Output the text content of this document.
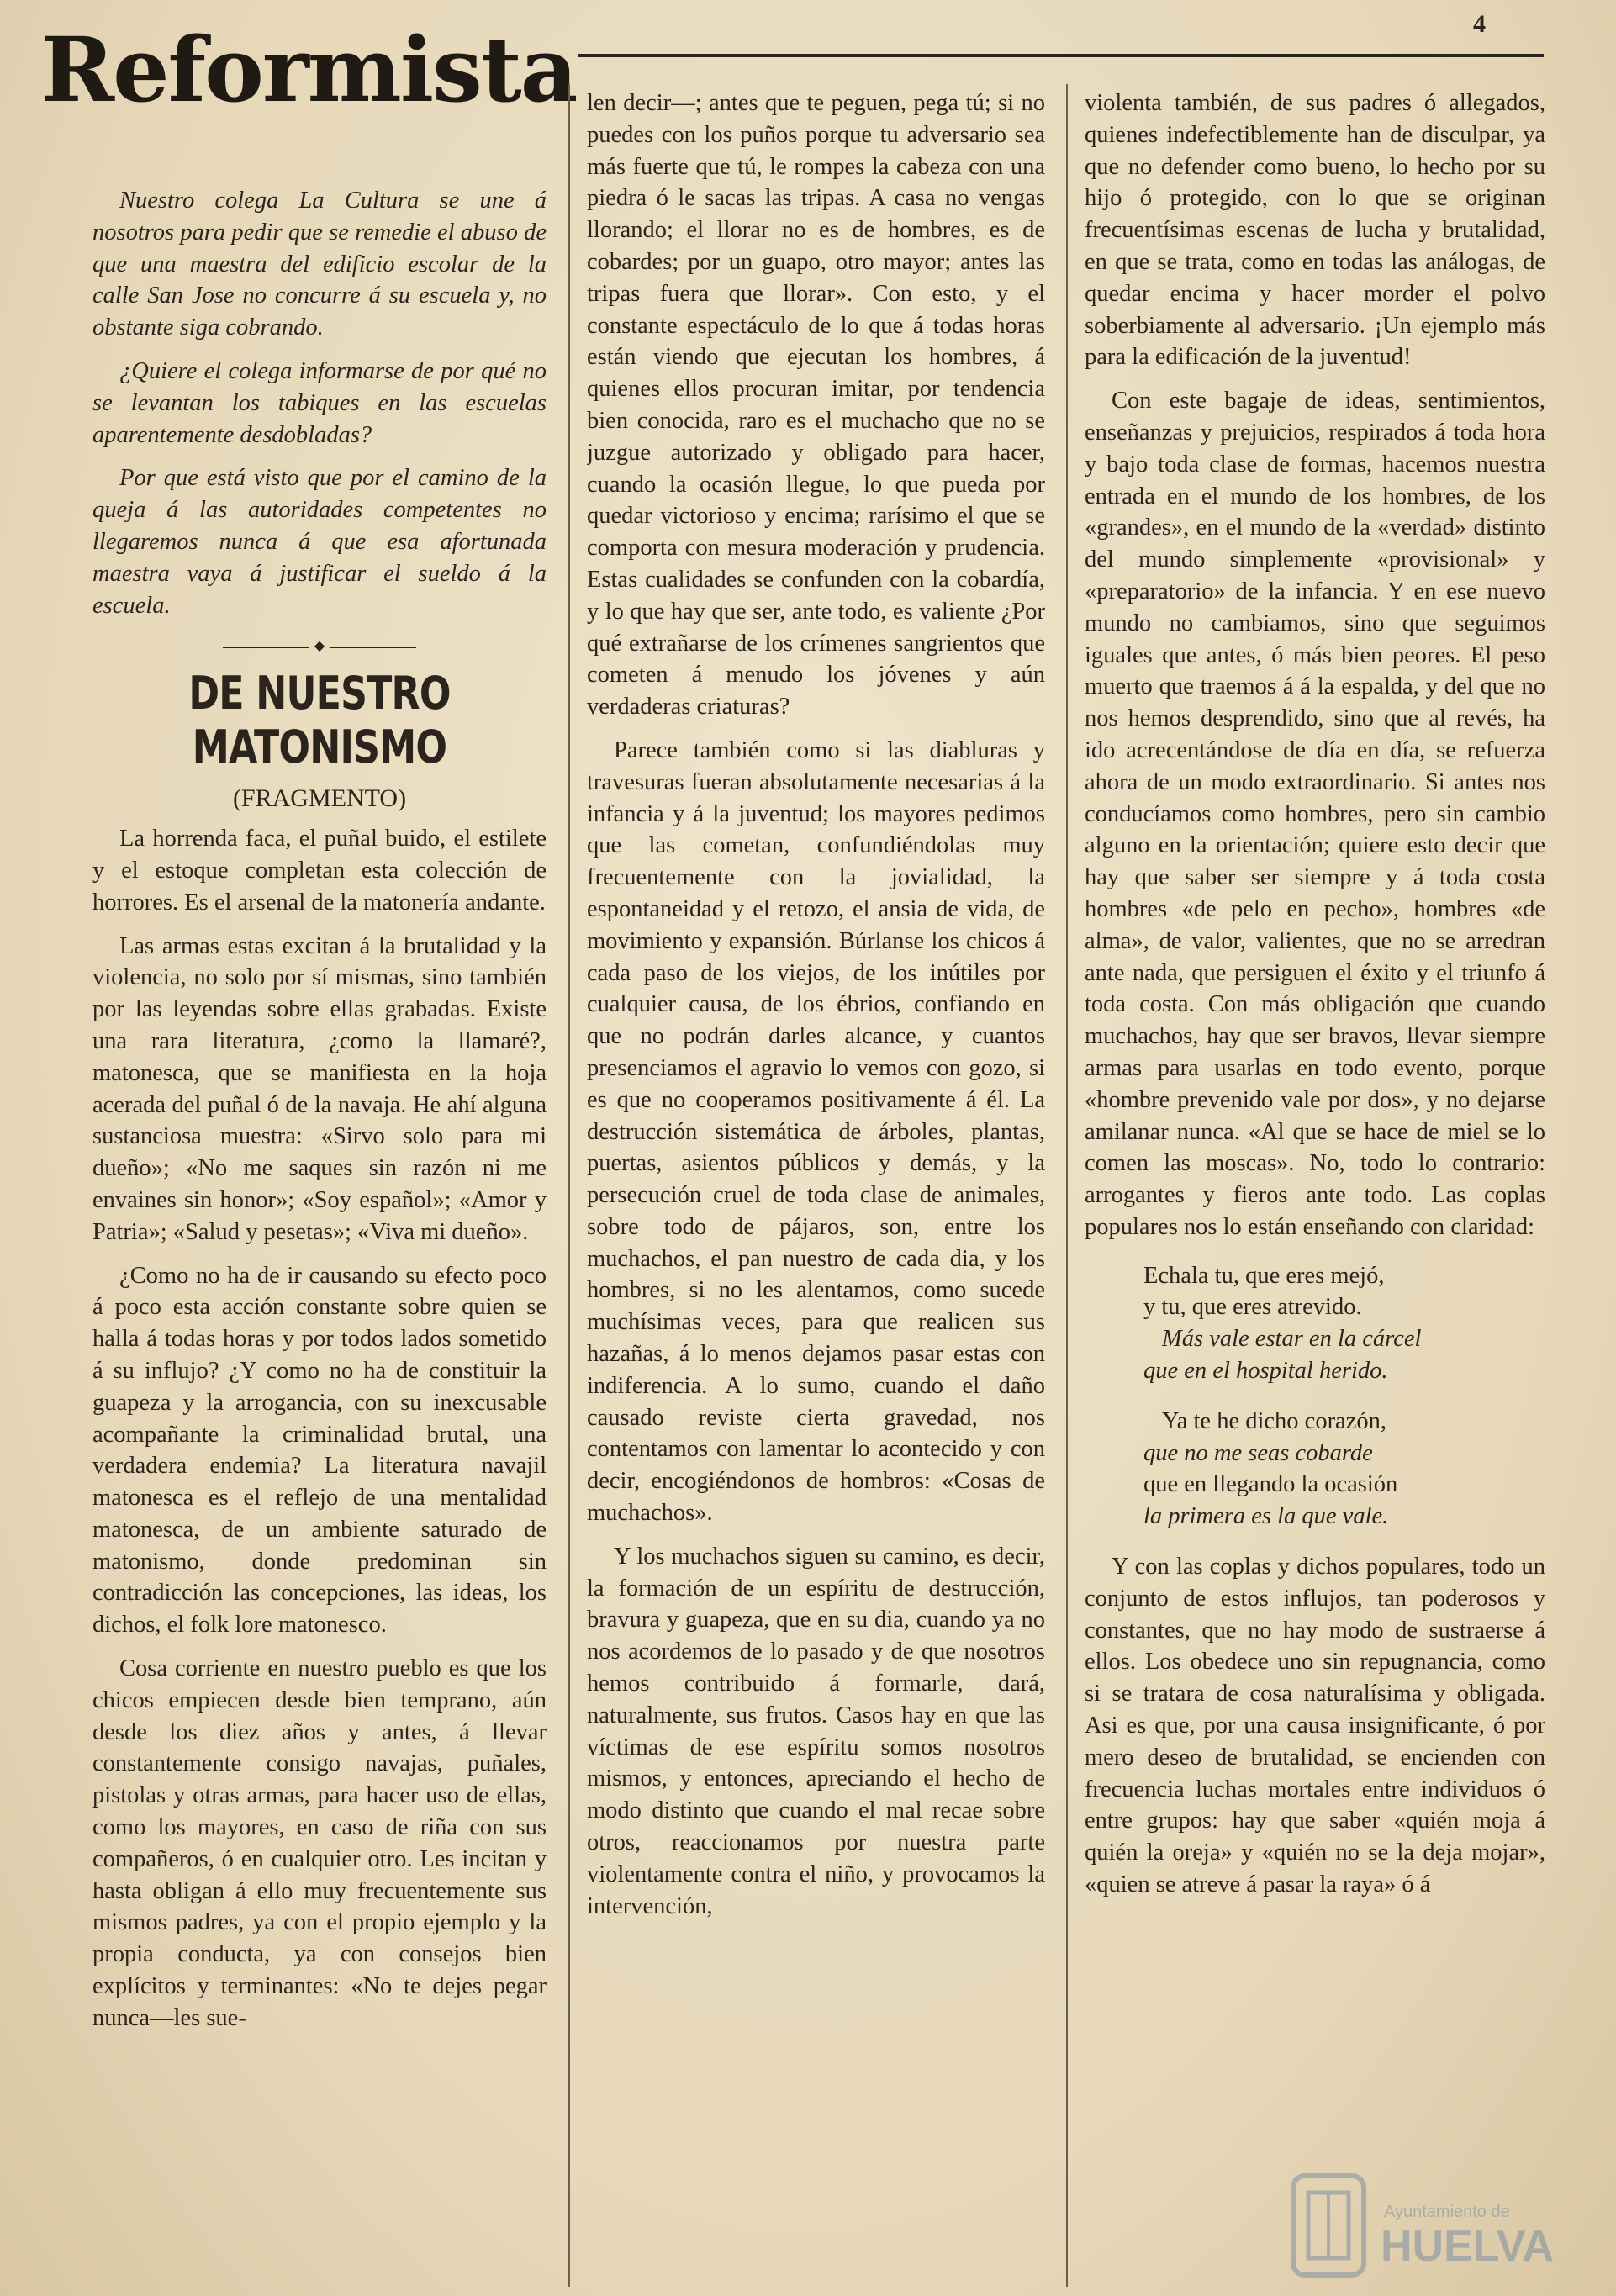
Reformista	4

Nuestro colega La Cultura se une á nosotros para pedir que se remedie el abuso de que una maestra del edificio escolar de la calle San Jose no concurre á su escuela y, no obstante siga cobrando.

¿Quiere el colega informarse de por qué no se levantan los tabiques en las escuelas aparentemente desdobladas?

Por que está visto que por el camino de la queja á las autoridades competentes no llegaremos nunca á que esa afortunada maestra vaya á justificar el sueldo á la escuela.

◆
DE NUESTRO MATONISMO
(FRAGMENTO)

La horrenda faca, el puñal buido, el estilete y el estoque completan esta colección de horrores. Es el arsenal de la matonería andante.

Las armas estas excitan á la brutalidad y la violencia, no solo por sí mismas, sino también por las leyendas sobre ellas grabadas. Existe una rara literatura, ¿como la llamaré?, matonesca, que se manifiesta en la hoja acerada del puñal ó de la navaja. He ahí alguna sustanciosa muestra: «Sirvo solo para mi dueño»; «No me saques sin razón ni me envaines sin honor»; «Soy español»; «Amor y Patria»; «Salud y pesetas»; «Viva mi dueño».

¿Como no ha de ir causando su efecto poco á poco esta acción constante sobre quien se halla á todas horas y por todos lados sometido á su influjo? ¿Y como no ha de constituir la guapeza y la arrogancia, con su inexcusable acompañante la criminalidad brutal, una verdadera endemia? La literatura navajil matonesca es el reflejo de una mentalidad matonesca, de un ambiente saturado de matonismo, donde predominan sin contradicción las concepciones, las ideas, los dichos, el folk lore matonesco.

Cosa corriente en nuestro pueblo es que los chicos empiecen desde bien temprano, aún desde los diez años y antes, á llevar constantemente consigo navajas, puñales, pistolas y otras armas, para hacer uso de ellas, como los mayores, en caso de riña con sus compañeros, ó en cualquier otro. Les incitan y hasta obligan á ello muy frecuentemente sus mismos padres, ya con el propio ejemplo y la propia conducta, ya con consejos bien explícitos y terminantes: «No te dejes pegar nunca—les sue-

len decir—; antes que te peguen, pega tú; si no puedes con los puños porque tu adversario sea más fuerte que tú, le rompes la cabeza con una piedra ó le sacas las tripas. A casa no vengas llorando; el llorar no es de hombres, es de cobardes; por un guapo, otro mayor; antes las tripas fuera que llorar». Con esto, y el constante espectáculo de lo que á todas horas están viendo que ejecutan los hombres, á quienes ellos procuran imitar, por tendencia bien conocida, raro es el muchacho que no se juzgue autorizado y obligado para hacer, cuando la ocasión llegue, lo que pueda por quedar victorioso y encima; rarísimo el que se comporta con mesura moderación y prudencia. Estas cualidades se confunden con la cobardía, y lo que hay que ser, ante todo, es valiente ¿Por qué extrañarse de los crímenes sangrientos que cometen á menudo los jóvenes y aún verdaderas criaturas?

Parece también como si las diabluras y travesuras fueran absolutamente necesarias á la infancia y á la juventud; los mayores pedimos que las cometan, confundiéndolas muy frecuentemente con la jovialidad, la espontaneidad y el retozo, el ansia de vida, de movimiento y expansión. Búrlanse los chicos á cada paso de los viejos, de los inútiles por cualquier causa, de los ébrios, confiando en que no podrán darles alcance, y cuantos presenciamos el agravio lo vemos con gozo, si es que no cooperamos positivamente á él. La destrucción sistemática de árboles, plantas, puertas, asientos públicos y demás, y la persecución cruel de toda clase de animales, sobre todo de pájaros, son, entre los muchachos, el pan nuestro de cada dia, y los hombres, si no les alentamos, como sucede muchísimas veces, para que realicen sus hazañas, á lo menos dejamos pasar estas con indiferencia. A lo sumo, cuando el daño causado reviste cierta gravedad, nos contentamos con lamentar lo acontecido y con decir, encogiéndonos de hombros: «Cosas de muchachos».

Y los muchachos siguen su camino, es decir, la formación de un espíritu de destrucción, bravura y guapeza, que en su dia, cuando ya no nos acordemos de lo pasado y de que nosotros hemos contribuido á formarle, dará, naturalmente, sus frutos. Casos hay en que las víctimas de ese espíritu somos nosotros mismos, y entonces, apreciando el hecho de modo distinto que cuando el mal recae sobre otros, reaccionamos por nuestra parte violentamente contra el niño, y provocamos la intervención,

violenta también, de sus padres ó allegados, quienes indefectiblemente han de disculpar, ya que no defender como bueno, lo hecho por su hijo ó protegido, con lo que se originan frecuentísimas escenas de lucha y brutalidad, en que se trata, como en todas las análogas, de quedar encima y hacer morder el polvo soberbiamente al adversario. ¡Un ejemplo más para la edificación de la juventud!

Con este bagaje de ideas, sentimientos, enseñanzas y prejuicios, respirados á toda hora y bajo toda clase de formas, hacemos nuestra entrada en el mundo de los hombres, de los «grandes», en el mundo de la «verdad» distinto del mundo simplemente «provisional» y «preparatorio» de la infancia. Y en ese nuevo mundo no cambiamos, sino que seguimos iguales que antes, ó más bien peores. El peso muerto que traemos á á la espalda, y del que no nos hemos desprendido, sino que al revés, ha ido acrecentándose de día en día, se refuerza ahora de un modo extraordinario. Si antes nos conducíamos como hombres, pero sin cambio alguno en la orientación; quiere esto decir que hay que saber ser siempre y á toda costa hombres «de pelo en pecho», hombres «de alma», de valor, valientes, que no se arredran ante nada, que persiguen el éxito y el triunfo á toda costa. Con más obligación que cuando muchachos, hay que ser bravos, llevar siempre armas para usarlas en todo evento, porque «hombre prevenido vale por dos», y no dejarse amilanar nunca. «Al que se hace de miel se lo comen las moscas». No, todo lo contrario: arrogantes y fieros ante todo. Las coplas populares nos lo están enseñando con claridad:

Echala tu, que eres mejó,
y tu, que eres atrevido.
Más vale estar en la cárcel
que en el hospital herido.
Ya te he dicho corazón,
que no me seas cobarde
que en llegando la ocasión
la primera es la que vale.

Y con las coplas y dichos populares, todo un conjunto de estos influjos, tan poderosos y constantes, que no hay modo de sustraerse á ellos. Los obedece uno sin repugnancia, como si se tratara de cosa naturalísima y obligada. Asi es que, por una causa insignificante, ó por mero deseo de brutalidad, se encienden con frecuencia luchas mortales entre individuos ó entre grupos: hay que saber «quién moja á quién la oreja» y «quién no se la deja mojar», «quien se atreve á pasar la raya» ó á

Ayuntamiento de
HUELVA
